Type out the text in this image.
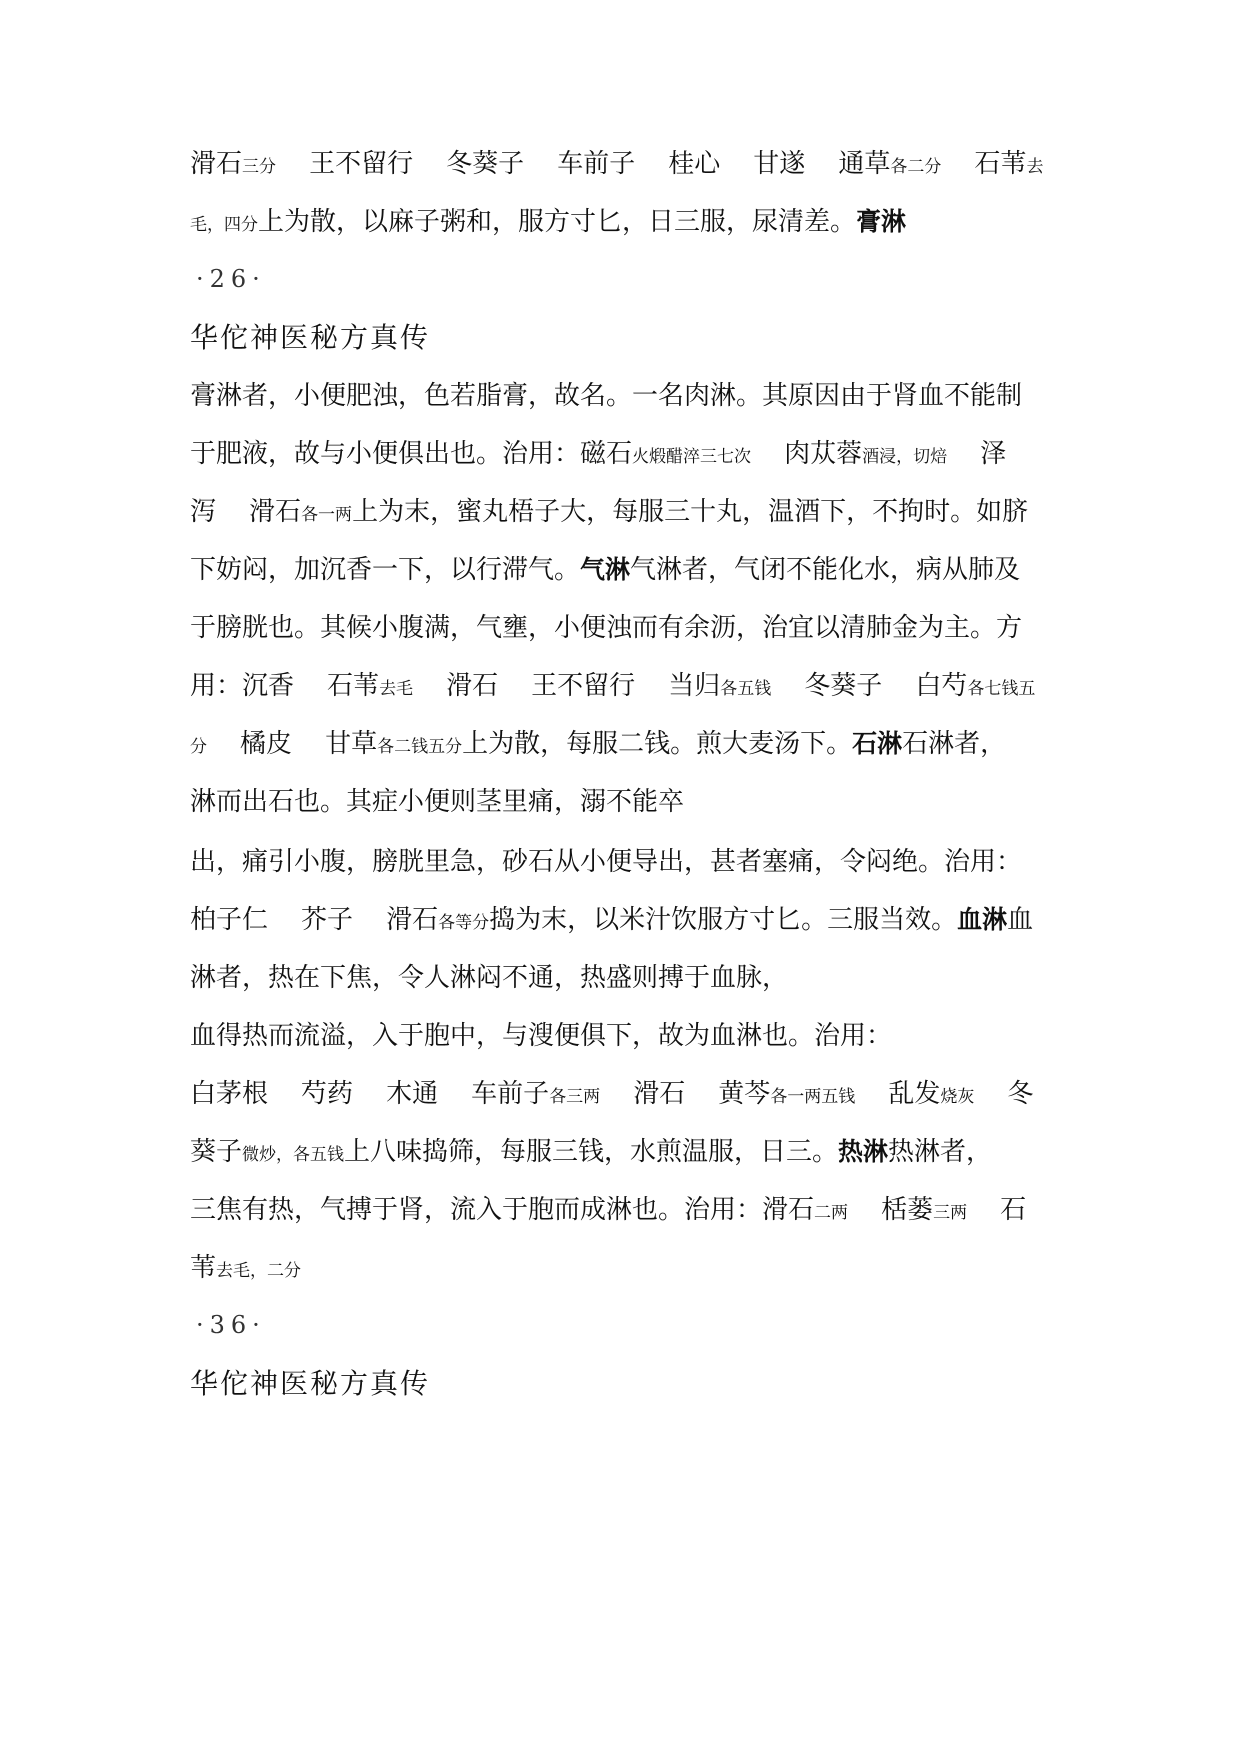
滑石三分    王不留行    冬葵子    车前子    桂心    甘遂    通草各二分    石苇去
毛，四分上为散，以麻子粥和，服方寸匕，日三服，尿清差。膏淋
·26·
华佗神医秘方真传
膏淋者，小便肥浊，色若脂膏，故名。一名肉淋。其原因由于肾血不能制
于肥液，故与小便俱出也。治用：磁石火煅醋淬三七次    肉苁蓉酒浸，切焙    泽
泻    滑石各一两上为末，蜜丸梧子大，每服三十丸，温酒下，不拘时。如脐
下妨闷，加沉香一下，以行滞气。气淋气淋者，气闭不能化水，病从肺及
于膀胱也。其候小腹满，气壅，小便浊而有余沥，治宜以清肺金为主。方
用：沉香    石苇去毛    滑石    王不留行    当归各五钱    冬葵子    白芍各七钱五
分    橘皮    甘草各二钱五分上为散，每服二钱。煎大麦汤下。石淋石淋者，
淋而出石也。其症小便则茎里痛，溺不能卒
出，痛引小腹，膀胱里急，砂石从小便导出，甚者塞痛，令闷绝。治用：
柏子仁    芥子    滑石各等分捣为末，以米汁饮服方寸匕。三服当效。血淋血
淋者，热在下焦，令人淋闷不通，热盛则搏于血脉，
血得热而流溢，入于胞中，与溲便俱下，故为血淋也。治用：
白茅根    芍药    木通    车前子各三两    滑石    黄芩各一两五钱    乱发烧灰    冬
葵子微炒，各五钱上八味捣筛，每服三钱，水煎温服，日三。热淋热淋者，
三焦有热，气搏于肾，流入于胞而成淋也。治用：滑石二两    栝蒌三两    石
苇去毛，二分
·36·
华佗神医秘方真传
